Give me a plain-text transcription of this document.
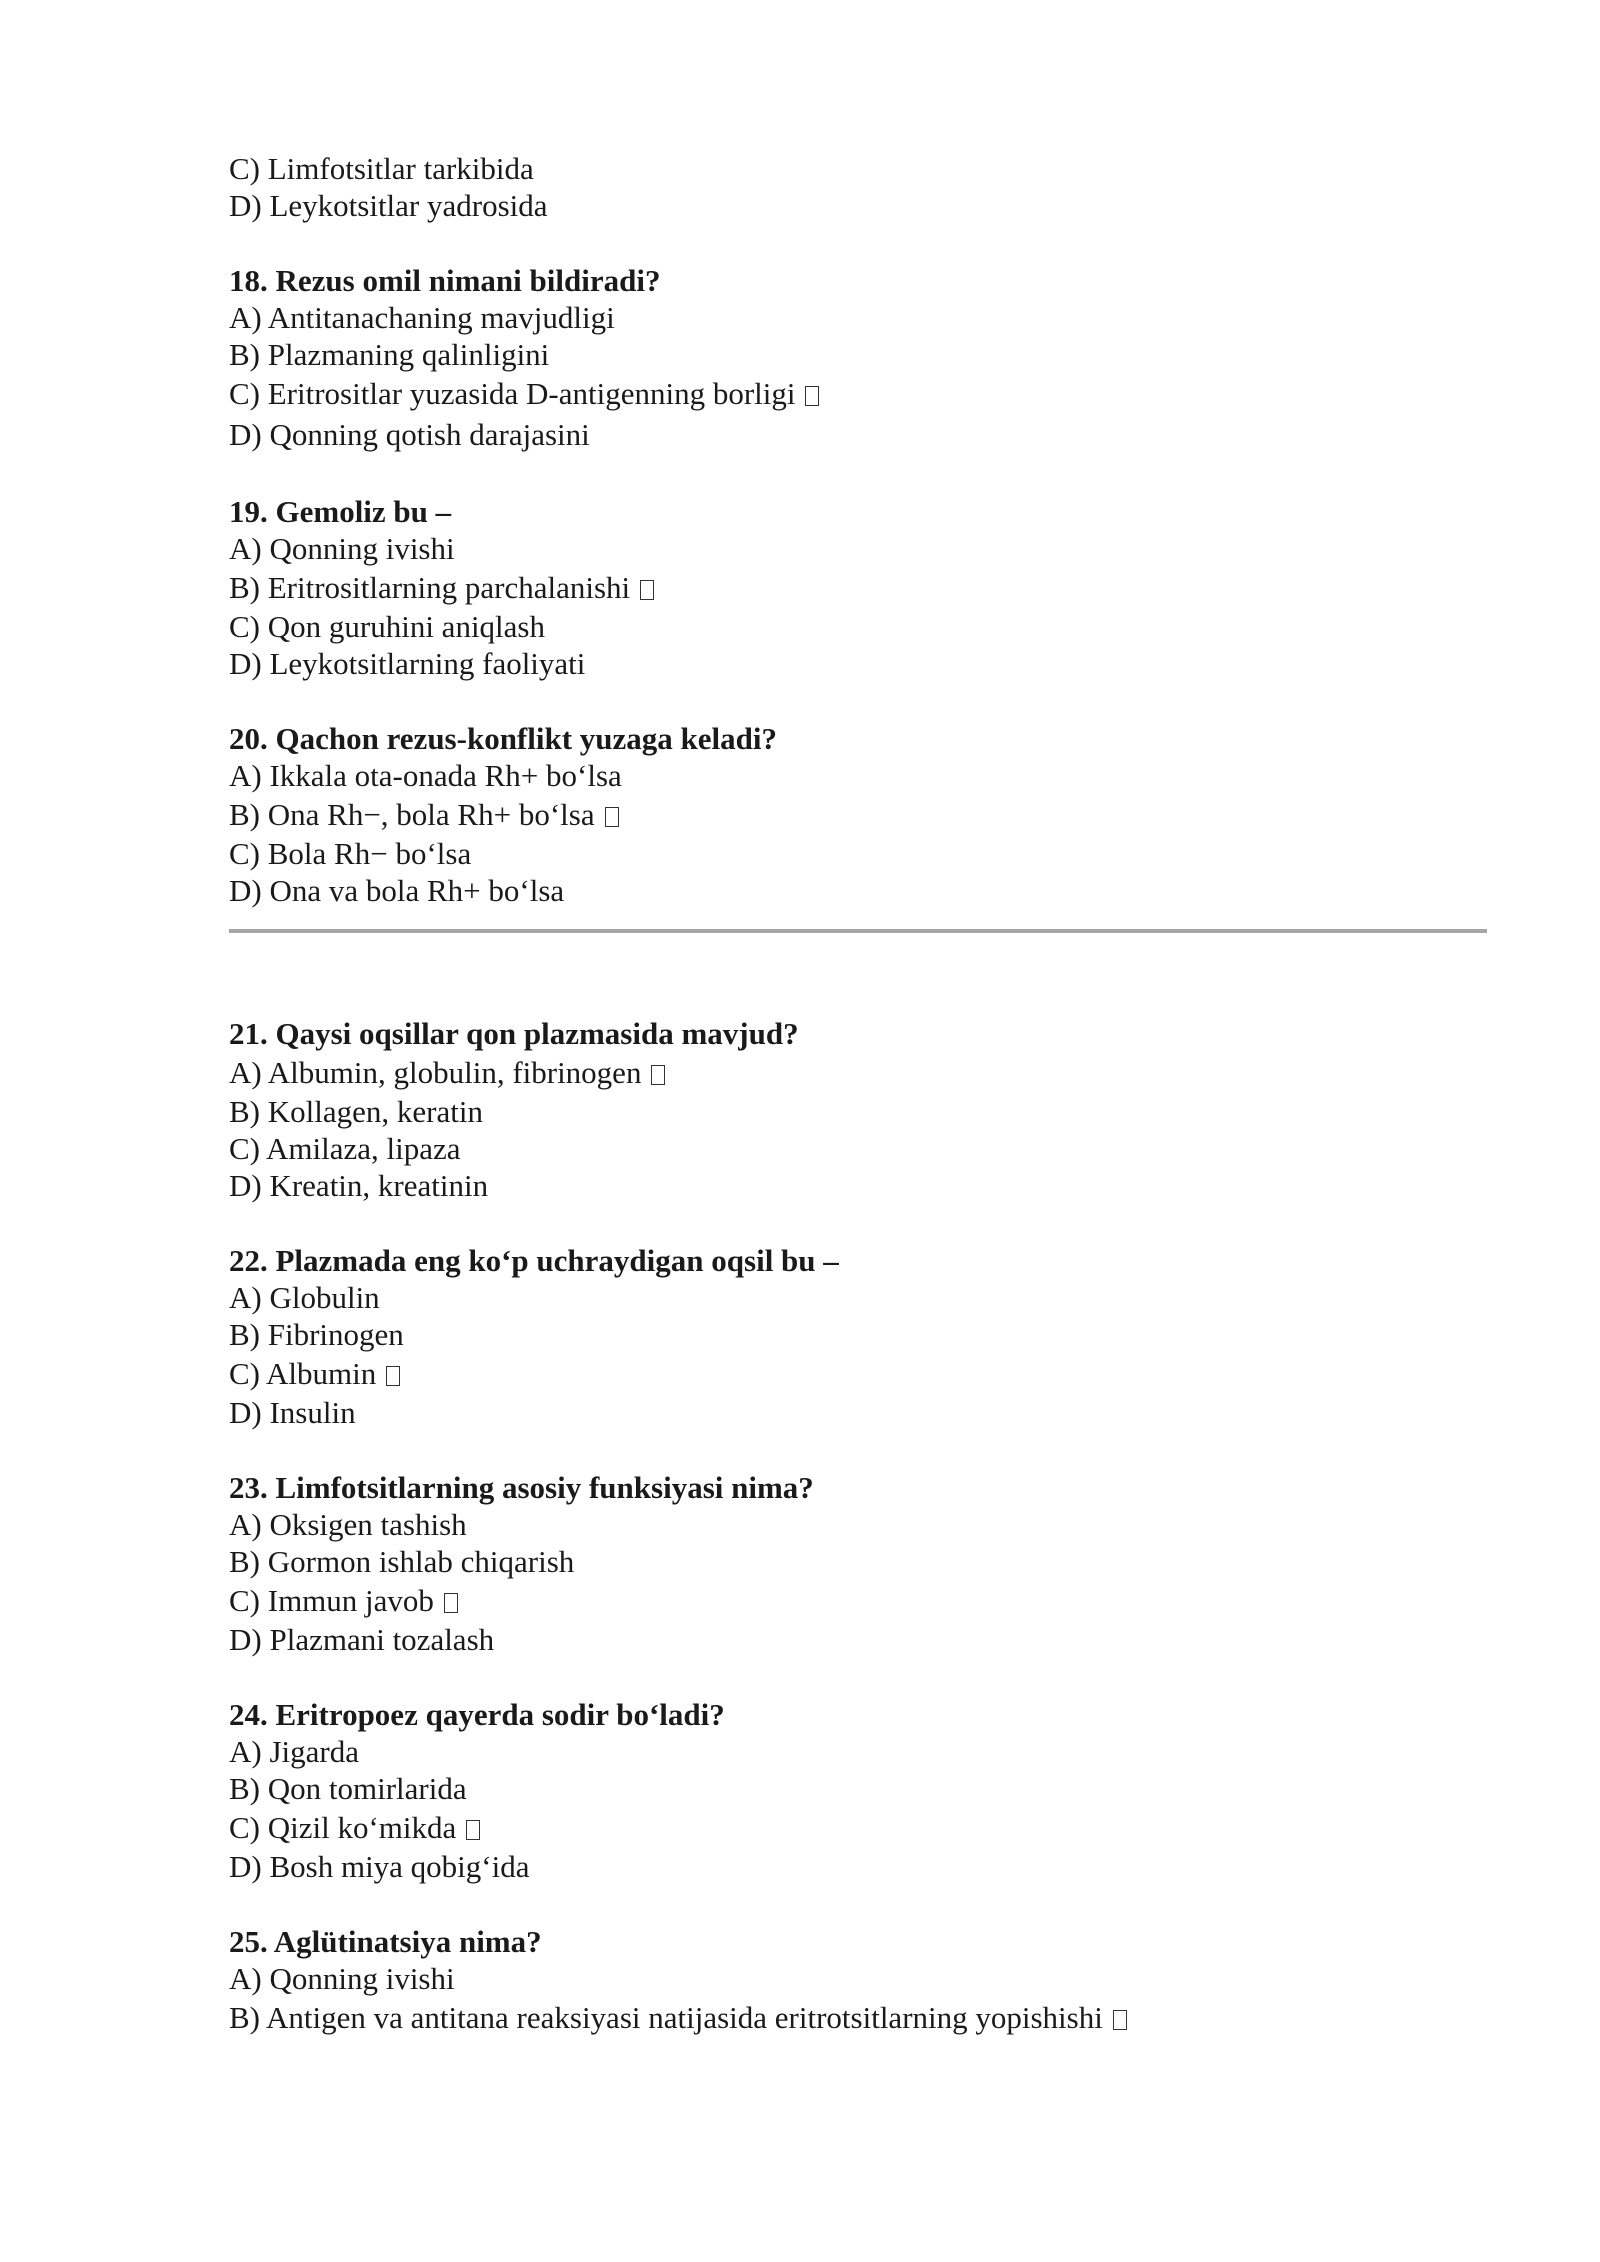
C) Limfotsitlar tarkibida
D) Leykotsitlar yadrosida
18. Rezus omil nimani bildiradi?
A) Antitanachaning mavjudligi
B) Plazmaning qalinligini
C) Eritrositlar yuzasida D-antigenning borligi
D) Qonning qotish darajasini
19. Gemoliz bu –
A) Qonning ivishi
B) Eritrositlarning parchalanishi
C) Qon guruhini aniqlash
D) Leykotsitlarning faoliyati
20. Qachon rezus-konflikt yuzaga keladi?
A) Ikkala ota-onada Rh+ bo‘lsa
B) Ona Rh−, bola Rh+ bo‘lsa
C) Bola Rh− bo‘lsa
D) Ona va bola Rh+ bo‘lsa
21. Qaysi oqsillar qon plazmasida mavjud?
A) Albumin, globulin, fibrinogen
B) Kollagen, keratin
C) Amilaza, lipaza
D) Kreatin, kreatinin
22. Plazmada eng ko‘p uchraydigan oqsil bu –
A) Globulin
B) Fibrinogen
C) Albumin
D) Insulin
23. Limfotsitlarning asosiy funksiyasi nima?
A) Oksigen tashish
B) Gormon ishlab chiqarish
C) Immun javob
D) Plazmani tozalash
24. Eritropoez qayerda sodir bo‘ladi?
A) Jigarda
B) Qon tomirlarida
C) Qizil ko‘mikda
D) Bosh miya qobig‘ida
25. Aglütinatsiya nima?
A) Qonning ivishi
B) Antigen va antitana reaksiyasi natijasida eritrotsitlarning yopishishi
